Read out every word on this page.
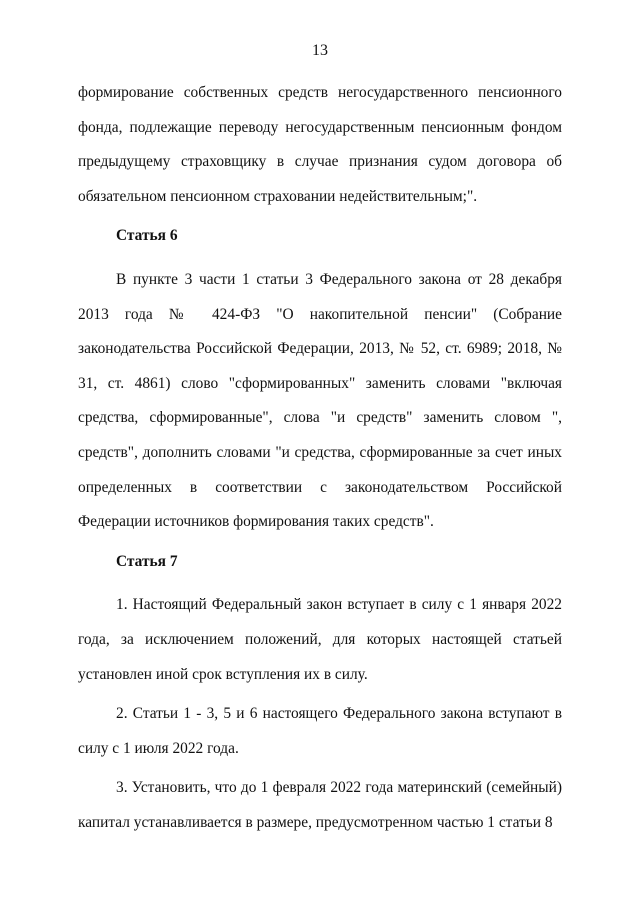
13

формирование собственных средств негосударственного пенсионного фонда, подлежащие переводу негосударственным пенсионным фондом предыдущему страховщику в случае признания судом договора об обязательном пенсионном страховании недействительным;".

Статья 6

В пункте 3 части 1 статьи 3 Федерального закона от 28 декабря 2013 года № 424-ФЗ "О накопительной пенсии" (Собрание законодательства Российской Федерации, 2013, № 52, ст. 6989; 2018, № 31, ст. 4861) слово "сформированных" заменить словами "включая средства, сформированные", слова "и средств" заменить словом ", средств", дополнить словами "и средства, сформированные за счет иных определенных в соответствии с законодательством Российской Федерации источников формирования таких средств".

Статья 7

1. Настоящий Федеральный закон вступает в силу с 1 января 2022 года, за исключением положений, для которых настоящей статьей установлен иной срок вступления их в силу.

2. Статьи 1 - 3, 5 и 6 настоящего Федерального закона вступают в силу с 1 июля 2022 года.

3. Установить, что до 1 февраля 2022 года материнский (семейный) капитал устанавливается в размере, предусмотренном частью 1 статьи 8
